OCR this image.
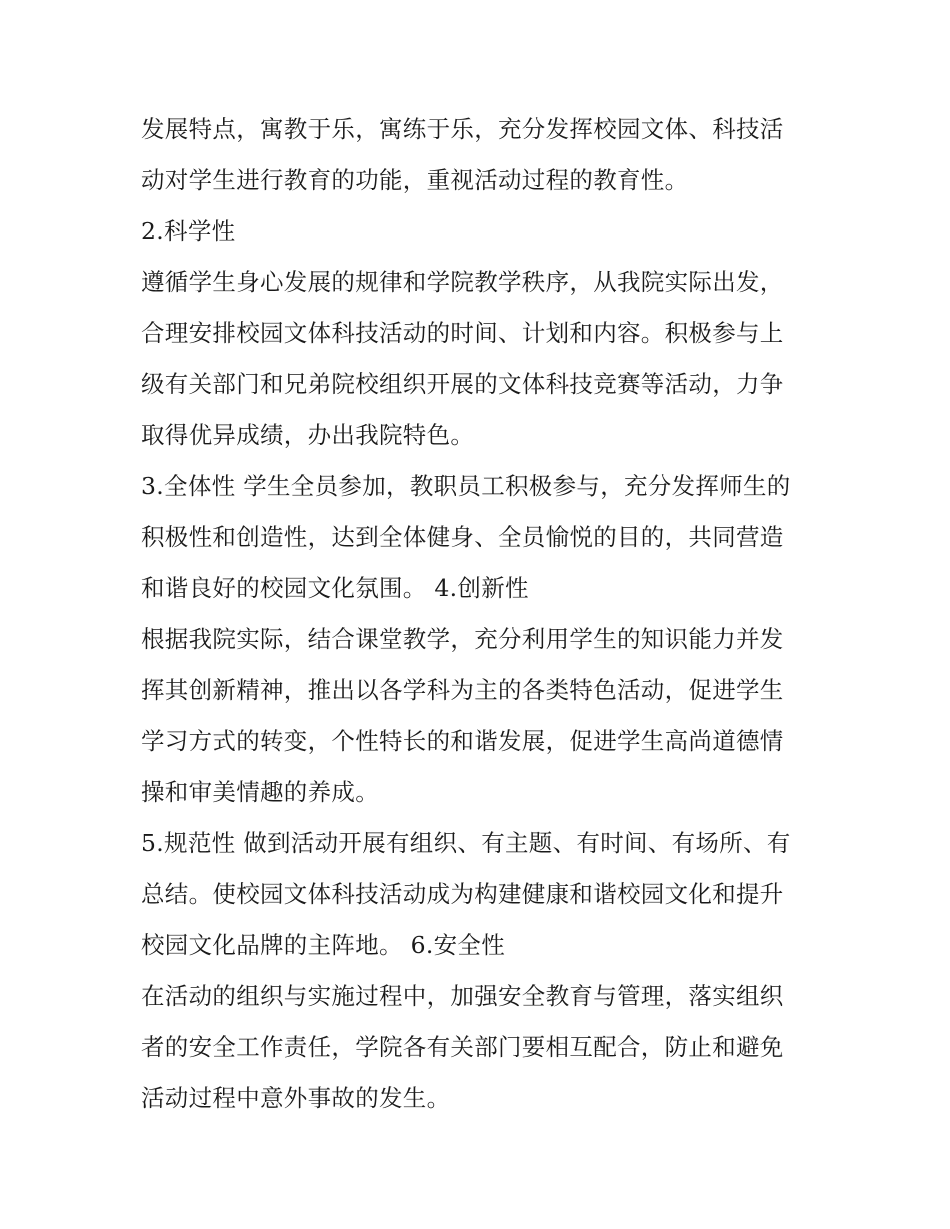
发展特点，寓教于乐，寓练于乐，充分发挥校园文体、科技活
动对学生进行教育的功能，重视活动过程的教育性。
2.科学性
遵循学生身心发展的规律和学院教学秩序，从我院实际出发，
合理安排校园文体科技活动的时间、计划和内容。积极参与上
级有关部门和兄弟院校组织开展的文体科技竞赛等活动，力争
取得优异成绩，办出我院特色。
3.全体性 学生全员参加，教职员工积极参与，充分发挥师生的
积极性和创造性，达到全体健身、全员愉悦的目的，共同营造
和谐良好的校园文化氛围。 4.创新性
根据我院实际，结合课堂教学，充分利用学生的知识能力并发
挥其创新精神，推出以各学科为主的各类特色活动，促进学生
学习方式的转变，个性特长的和谐发展，促进学生高尚道德情
操和审美情趣的养成。
5.规范性 做到活动开展有组织、有主题、有时间、有场所、有
总结。使校园文体科技活动成为构建健康和谐校园文化和提升
校园文化品牌的主阵地。 6.安全性
在活动的组织与实施过程中，加强安全教育与管理，落实组织
者的安全工作责任，学院各有关部门要相互配合，防止和避免
活动过程中意外事故的发生。
